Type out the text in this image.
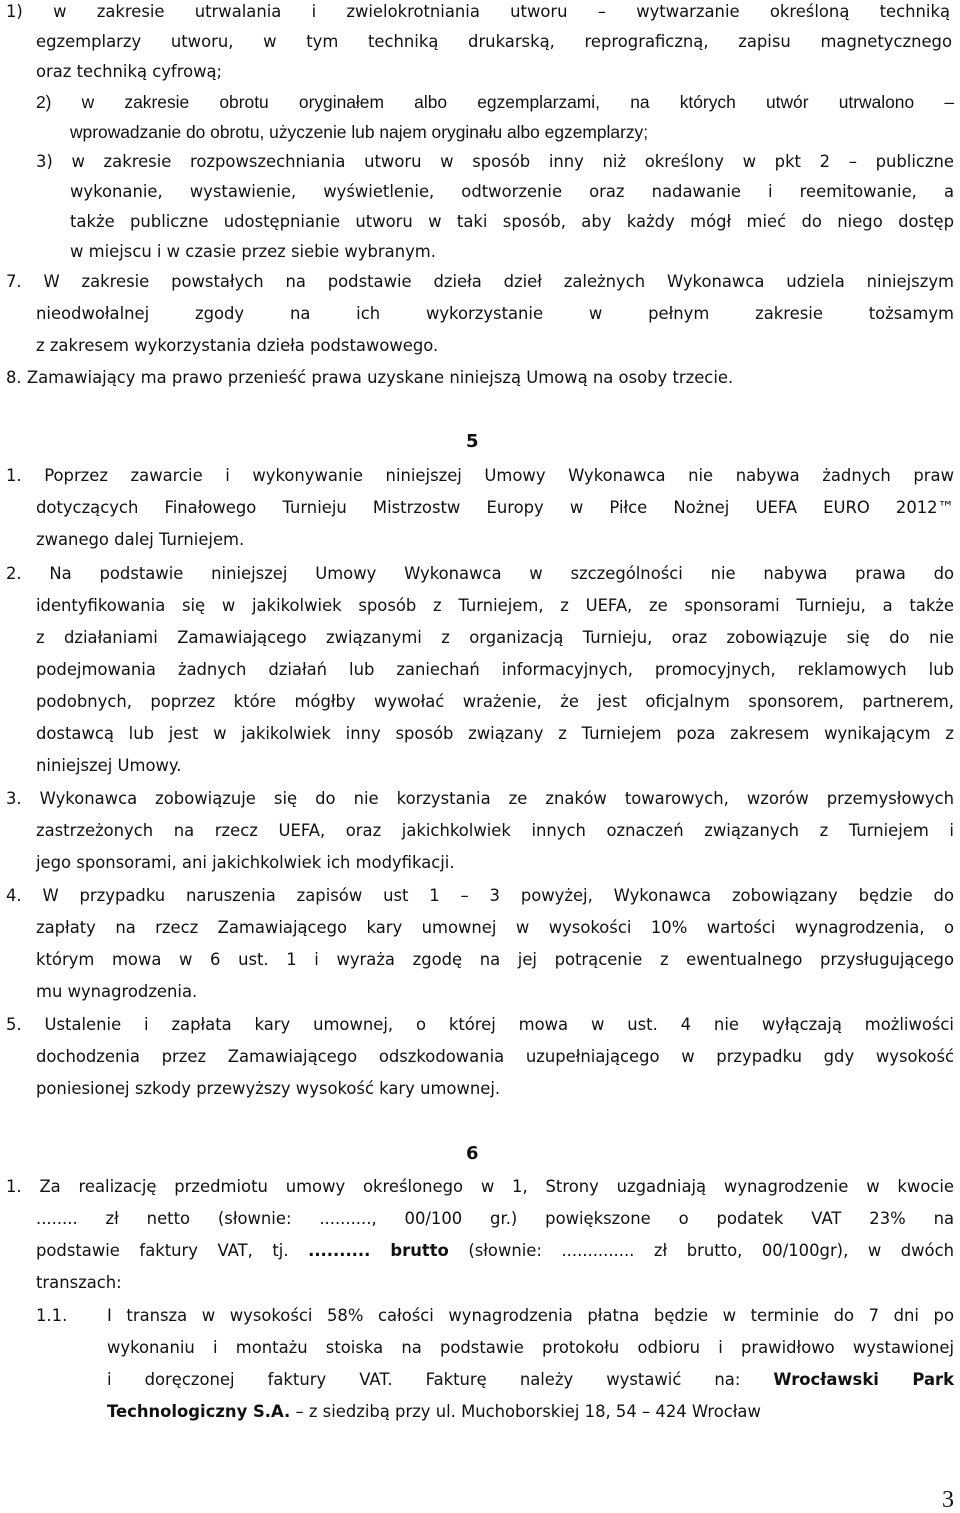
1) w zakresie utrwalania i zwielokrotniania utworu – wytwarzanie określoną techniką
egzemplarzy utworu, w tym techniką drukarską, reprograficzną, zapisu magnetycznego
oraz techniką cyfrową;
2) w zakresie obrotu oryginałem albo egzemplarzami, na których utwór utrwalono –
wprowadzanie do obrotu, użyczenie lub najem oryginału albo egzemplarzy;
3) w zakresie rozpowszechniania utworu w sposób inny niż określony w pkt 2 – publiczne
wykonanie, wystawienie, wyświetlenie, odtworzenie oraz nadawanie i reemitowanie, a
także publiczne udostępnianie utworu w taki sposób, aby każdy mógł mieć do niego dostęp
w miejscu i w czasie przez siebie wybranym.
7. W zakresie powstałych na podstawie dzieła dzieł zależnych Wykonawca udziela niniejszym
nieodwołalnej zgody na ich wykorzystanie w pełnym zakresie tożsamym
z zakresem wykorzystania dzieła podstawowego.
8. Zamawiający ma prawo przenieść prawa uzyskane niniejszą Umową na osoby trzecie.
5
1. Poprzez zawarcie i wykonywanie niniejszej Umowy Wykonawca nie nabywa żadnych praw
dotyczących Finałowego Turnieju Mistrzostw Europy w Piłce Nożnej UEFA EURO 2012™
zwanego dalej Turniejem.
2. Na podstawie niniejszej Umowy Wykonawca w szczególności nie nabywa prawa do
identyfikowania się w jakikolwiek sposób z Turniejem, z UEFA, ze sponsorami Turnieju, a także
z działaniami Zamawiającego związanymi z organizacją Turnieju, oraz zobowiązuje się do nie
podejmowania żadnych działań lub zaniechań informacyjnych, promocyjnych, reklamowych lub
podobnych, poprzez które mógłby wywołać wrażenie, że jest oficjalnym sponsorem, partnerem,
dostawcą lub jest w jakikolwiek inny sposób związany z Turniejem poza zakresem wynikającym z
niniejszej Umowy.
3. Wykonawca zobowiązuje się do nie korzystania ze znaków towarowych, wzorów przemysłowych
zastrzeżonych na rzecz UEFA, oraz jakichkolwiek innych oznaczeń związanych z Turniejem i
jego sponsorami, ani jakichkolwiek ich modyfikacji.
4. W przypadku naruszenia zapisów ust 1 – 3 powyżej, Wykonawca zobowiązany będzie do
zapłaty na rzecz Zamawiającego kary umownej w wysokości 10% wartości wynagrodzenia, o
którym mowa w 6 ust. 1 i wyraża zgodę na jej potrącenie z ewentualnego przysługującego
mu wynagrodzenia.
5. Ustalenie i zapłata kary umownej, o której mowa w ust. 4 nie wyłączają możliwości
dochodzenia przez Zamawiającego odszkodowania uzupełniającego w przypadku gdy wysokość
poniesionej szkody przewyższy wysokość kary umownej.
6
1. Za realizację przedmiotu umowy określonego w 1, Strony uzgadniają wynagrodzenie w kwocie
........ zł netto (słownie: .........., 00/100 gr.) powiększone o podatek VAT 23% na
podstawie faktury VAT, tj. .......... brutto (słownie: .............. zł brutto, 00/100gr), w dwóch
transzach:
1.1.	I transza w wysokości 58% całości wynagrodzenia płatna będzie w terminie do 7 dni po
wykonaniu i montażu stoiska na podstawie protokołu odbioru i prawidłowo wystawionej
i doręczonej faktury VAT. Fakturę należy wystawić na: Wrocławski Park
Technologiczny S.A. – z siedzibą przy ul. Muchoborskiej 18, 54 – 424 Wrocław
3
